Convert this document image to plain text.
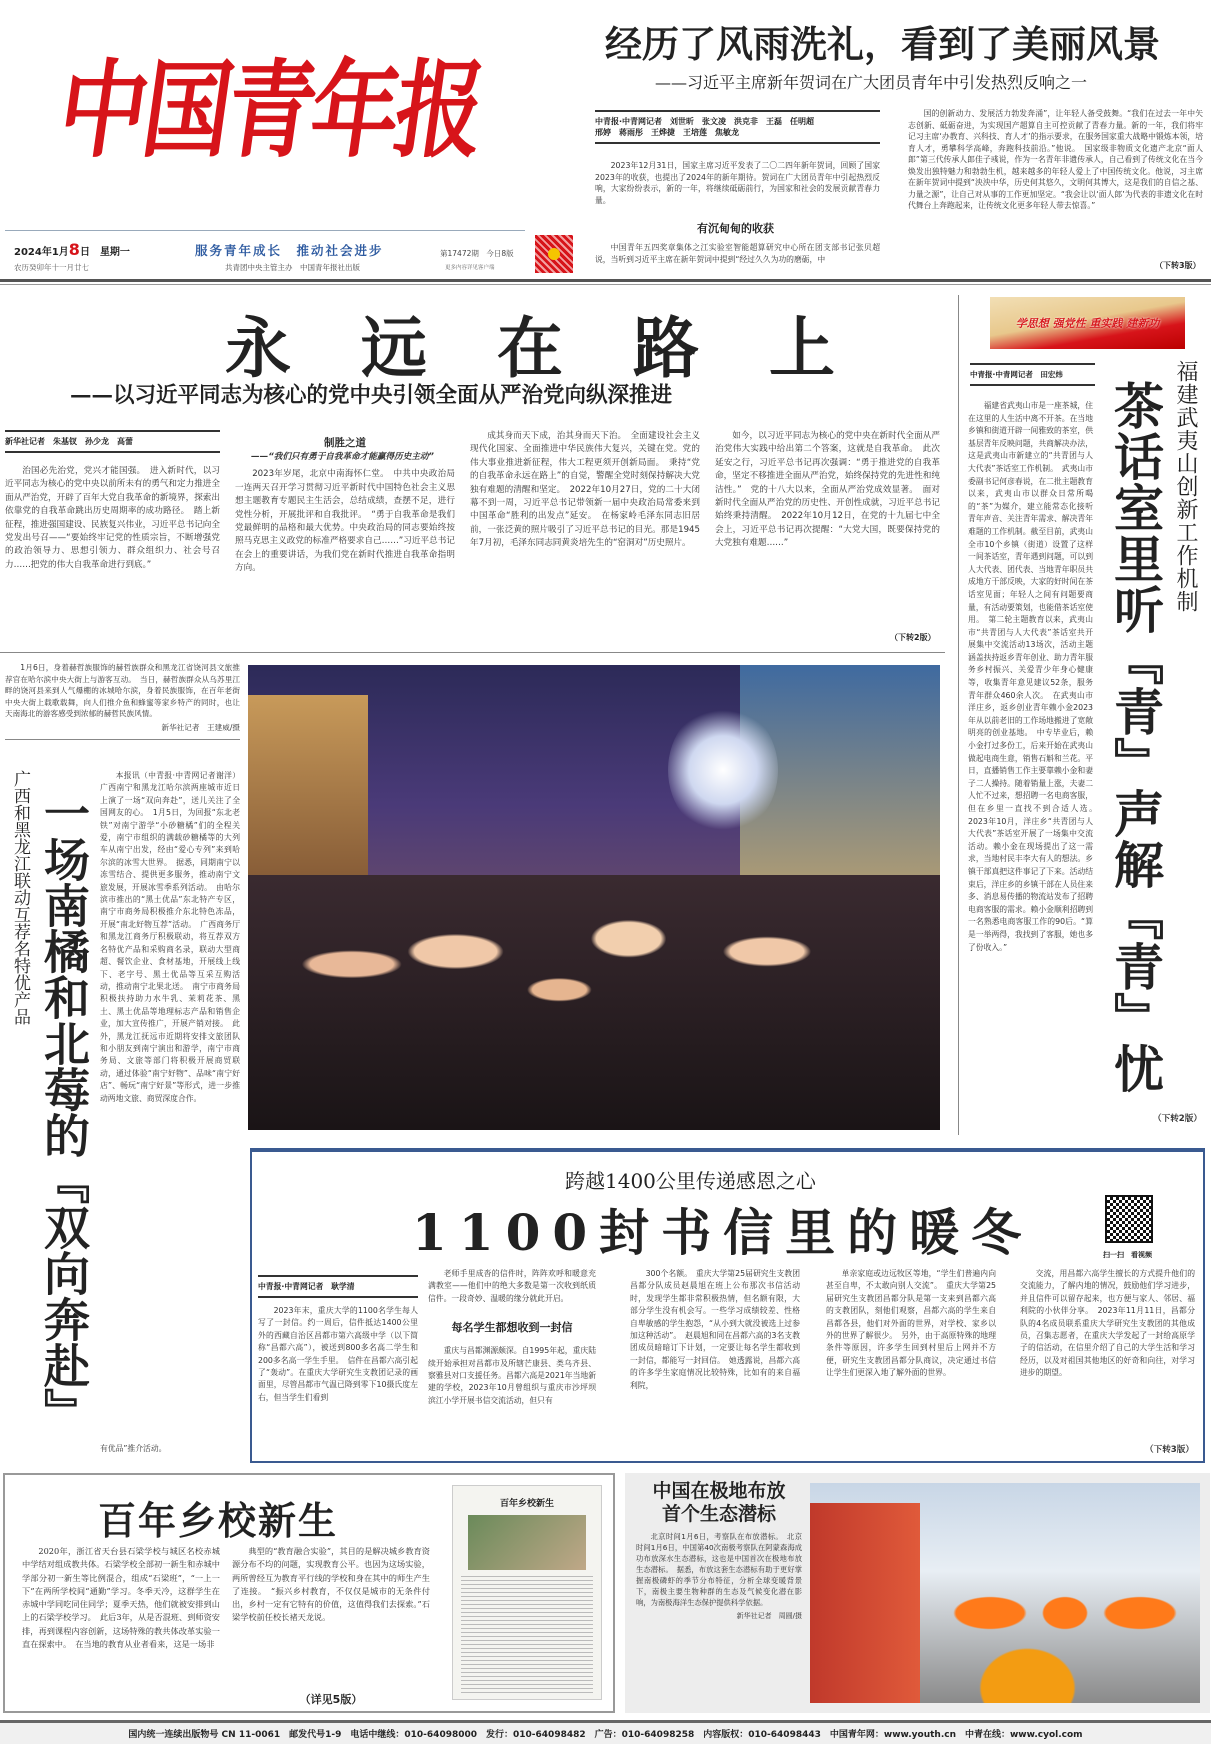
中国青年报
2024年1月8日　 星期一
农历癸卯年十一月廿七
服务青年成长　推动社会进步
共青团中央主管主办　中国青年报社出版
第17472期　今日8版
更多内容详见客户端
经历了风雨洗礼，看到了美丽风景
——习近平主席新年贺词在广大团员青年中引发热烈反响之一
中青报·中青网记者　刘世昕　张文凌　洪克非　王磊　任明超
邢婷　蒋雨彤　王烨捷　王培莲　焦敏龙

2023年12月31日，国家主席习近平发表了二〇二四年新年贺词，回顾了国家2023年的收获，也提出了2024年的新年期待。贺词在广大团员青年中引起热烈反响，大家纷纷表示，新的一年，将继续砥砺前行，为国家和社会的发展贡献青春力量。

有沉甸甸的收获

中国青年五四奖章集体之江实验室智能超算研究中心所在团支部书记张贝超说，当听到习近平主席在新年贺词中提到“经过久久为功的磨砺，中

国的创新动力、发展活力勃发奔涌”，让年轻人备受鼓舞。“我们在过去一年中矢志创新、砥砺奋进，为实现国产超算自主可控贡献了青春力量。新的一年，我们将牢记习主席‘办教育、兴科技、育人才’的指示要求，在服务国家重大战略中锻炼本领，培育人才，勇攀科学高峰，奔跑科技前沿。”他说。　国家级非物质文化遗产北京“面人郎”第三代传承人郎佳子彧说，作为一名青年非遗传承人，自己看到了传统文化在当今焕发出独特魅力和勃勃生机，越来越多的年轻人爱上了中国传统文化。他说，习主席在新年贺词中提到“泱泱中华，历史何其悠久，文明何其博大，这是我们的自信之基、力量之源”，让自己对从事的工作更加坚定。“我会让以‘面人郎’为代表的非遗文化在时代舞台上奔跑起来，让传统文化更多年轻人带去惊喜。”

（下转3版）
永　远　在　路　上
——以习近平同志为核心的党中央引领全面从严治党向纵深推进
新华社记者　朱基钗　孙少龙　高蕾

治国必先治党，党兴才能国强。　进入新时代，以习近平同志为核心的党中央以前所未有的勇气和定力推进全面从严治党，开辟了百年大党自我革命的新境界，探索出依靠党的自我革命跳出历史周期率的成功路径。　踏上新征程，推进强国建设、民族复兴伟业，习近平总书记向全党发出号召——“要始终牢记党的性质宗旨，不断增强党的政治领导力、思想引领力、群众组织力、社会号召力……把党的伟大自我革命进行到底。”

制胜之道
——“我们只有勇于自我革命才能赢得历史主动”

2023年岁尾，北京中南海怀仁堂。　中共中央政治局一连两天召开学习贯彻习近平新时代中国特色社会主义思想主题教育专题民主生活会，总结成绩，查摆不足，进行党性分析，开展批评和自我批评。　“勇于自我革命是我们党最鲜明的品格和最大优势。中央政治局的同志要始终按照马克思主义政党的标准严格要求自己……”习近平总书记在会上的重要讲话，为我们党在新时代推进自我革命指明方向。

成其身而天下成，治其身而天下治。　全面建设社会主义现代化国家、全面推进中华民族伟大复兴，关键在党。党的伟大事业推进新征程，伟大工程更须开创新局面。　秉持“党的自我革命永远在路上”的自觉，警醒全党时刻保持解决大党独有难题的清醒和坚定。　2022年10月27日，党的二十大闭幕不到一周，习近平总书记带领新一届中央政治局常委来到中国革命“胜利的出发点”延安。　在杨家岭毛泽东同志旧居前，一张泛黄的照片吸引了习近平总书记的目光。那是1945年7月初，毛泽东同志同黄炎培先生的“窑洞对”历史照片。

如今，以习近平同志为核心的党中央在新时代全面从严治党伟大实践中给出第二个答案，这就是自我革命。　此次延安之行，习近平总书记再次强调：“勇于推进党的自我革命，坚定不移推进全面从严治党，始终保持党的先进性和纯洁性。”　党的十八大以来，全面从严治党成效显著。　面对新时代全面从严治党的历史性、开创性成就，习近平总书记始终秉持清醒。　2022年10月12日，在党的十九届七中全会上，习近平总书记再次提醒：“大党大国，既要保持党的大党独有难题……”

（下转2版）
学思想 强党性 重实践 建新功
中青报·中青网记者　田宏炜	福建武夷山创新工作机制
茶话室里听『青』声解『青』忧

福建省武夷山市是一座茶城，住在这里的人生活中离不开茶。在当地乡镇和街道开辟一间雅致的茶室，供基层青年反映问题，共商解决办法，这是武夷山市新建立的“共青团与人大代表”茶话室工作机制。　武夷山市委副书记何彦春说，在二批主题教育以来，武夷山市以群众日常所喝的“茶”为媒介，建立能常态化接听青年声音、关注青年需求、解决青年难题的工作机制。截至目前，武夷山全市10个乡镇（街道）设置了这样一间茶话室，青年遇到问题，可以到人大代表、团代表、当地青年职员共成地方干部反映，大家的好时间在茶话室见面；年轻人之间有问题要商量，有活动要策划，也能借茶话室使用。　第二轮主题教育以来，武夷山市“共青团与人大代表”茶话室共开展集中交流活动13场次，活动主题涵盖扶持返乡青年创业、助力青年服务乡村振兴、关爱青少年身心健康等，收集青年意见建议52条，服务青年群众460余人次。　在武夷山市洋庄乡，返乡创业青年赖小金2023年从以前老旧的工作场地搬进了宽敞明亮的创业基地。　中专毕业后，赖小金打过多份工，后来开始在武夷山做起电商生意，销售石斛和兰花。平日，直播销售工作主要靠赖小金和妻子二人操持。随着销量上涨，夫妻二人忙不过来，想招聘一名电商客服，但在乡里一直找不到合适人选。　2023年10月，洋庄乡“共青团与人大代表”茶话室开展了一场集中交流活动。赖小金在现场提出了这一需求，当地村民丰李大有人的想法。乡镇干部真把这件事记了下来。活动结束后，洋庄乡的乡镇干部在人员住来多、消息易传播的物流站发布了招聘电商客服的需求。赖小金顺利招聘到一名熟悉电商客服工作的90后。“算是一举两得，我找到了客服，她也多了份收入。”

（下转2版）

1月6日，身着赫哲族服饰的赫哲族群众和黑龙江省饶河县文旅推荐官在哈尔滨中央大街上与游客互动。　当日，赫哲族群众从乌苏里江畔的饶河县来到人气爆棚的冰城哈尔滨，身着民族服饰，在百年老街中央大街上载歌载舞，向人们推介鱼和蜂蜜等家乡特产的同时，也让天南海北的游客感受到浓郁的赫哲民族风情。

新华社记者　王建威/摄
广西和黑龙江联动互荐名特优产品 一场南橘和北莓的『双向奔赴』

本报讯（中青报·中青网记者谢洋）广西南宁和黑龙江哈尔滨两座城市近日上演了一场“双向奔赴”，送儿关注了全国网友的心。　1月5日，为回报“东北老铁”对南宁游学“小砂糖橘”们的全程关爱，南宁市组织的满载砂糖橘等的大列车从南宁出发，经由“爱心专列”来到哈尔滨的冰雪大世界。　据悉，同期南宁以冻雪结合、提供更多服务，推动南宁文旅发展，开展冰雪季系列活动。　由哈尔滨市推出的“黑土优品”东北特产专区，南宁市商务局积极推介东北特色冻品，开展“南北好物互荐”活动。　广西商务厅和黑龙江商务厅积极联动，将互荐双方名特优产品和采购商名录，联动大型商超、餐饮企业、食材基地，开展线上线下、老字号、黑土优品等互采互购活动，推动南宁北果北送。　南宁市商务局积极扶持助力水牛乳、茉莉花茶、黑土、黑土优品等地理标志产品和销售企业，加大宣传推广，开展产销对接。　此外，黑龙江抚远市近期将安排文旅团队和小朋友到南宁演出和游学，南宁市商务局、文旅等部门将积极开展商贸联动，通过体验“南宁好物”、品味“南宁好店”、畅玩“南宁好景”等形式，进一步推动两地文旅、商贸深度合作。

有优品”推介活动。
跨越1400公里传递感恩之心
1100封书信里的暖冬	扫一扫　看视频
中青报·中青网记者　耿学清

2023年末，重庆大学的1100名学生每人写了一封信。约一周后，信件抵达1400公里外的西藏自治区昌都市第六高级中学（以下简称“昌都六高”），被送到800多名高二学生和200多名高一学生手里。　信件在昌都六高引起了“轰动”。在重庆大学研究生支教团记录的画面里，尽管昌都市气温已降到零下10摄氏度左右，但当学生们看到

老师手里成沓的信件时，阵阵欢呼和暖意充满教室——他们中的绝大多数是第一次收到纸质信件。一段奇妙、温暖的缘分就此开启。

每名学生都想收到一封信

重庆与昌都渊源颇深。自1995年起，重庆陆续开始承担对昌都市及所辖芒康县、类乌齐县、察雅县对口支援任务。昌都六高是2021年当地新建的学校，2023年10月曾组织与重庆市沙坪坝滨江小学开展书信交流活动，但只有

300个名额。　重庆大学第25届研究生支教团昌都分队成员赵晨旭在班上公布那次书信活动时，发现学生都非常积极热情，但名额有限，大部分学生没有机会写。一些学习成绩较差、性格自卑敏感的学生抱怨，“从小到大就没被选上过参加这种活动”。　赵晨旭和同在昌都六高的3名支教团成员暗暗订下计划，一定要让每名学生都收到一封信，都能写一封回信。　她透露说，昌都六高的许多学生家庭情况比较特殊，比如有的来自福利院，

单亲家庭或边远牧区等地，“学生们普遍内向甚至自卑，不太敢向别人交流”。　重庆大学第25届研究生支教团昌都分队是第一支来到昌都六高的支教团队，刻他们观察，昌都六高的学生来自昌都各县，他们对外面的世界，对学校、家乡以外的世界了解很少。　另外，由于高原特殊的地理条件等原因，许多学生回到村里后上网并不方便，研究生支教团昌都分队商议，决定通过书信让学生们更深入地了解外面的世界。

交流，用昌都六高学生擅长的方式提升他们的交流能力，了解内地的情况，鼓励他们学习进步，并且信件可以留存起来，也方便与家人、邻居、福利院的小伙伴分享。　2023年11月11日，昌都分队的4名成员联系重庆大学研究生支教团的其他成员，召集志愿者，在重庆大学发起了一封给高原学子的信活动，在信里介绍了自己的大学生活和学习经历，以及对祖国其他地区的好奇和向往，对学习进步的期望。

（下转3版）
百年乡校新生

2020年，浙江省天台县石梁学校与城区名校赤城中学结对组成教共体。石梁学校全部初一新生和赤城中学部分初一新生等比例混合，组成“石梁班”，“一上一下”在两所学校间“通勤”学习。冬季天冷，这群学生在赤城中学同吃同住同学；夏季天热，他们就被安排到山上的石梁学校学习。　此后3年，从是否混班、到师资安排，再到课程内容创新，这场特殊的教共体改革实验一直在探索中。　在当地的教育从业者看来，这是一场非

典型的“教育融合实验”，其目的是解决城乡教育资源分布不均的问题，实现教育公平。也因为这场实验，两所曾经互为教育平行线的学校和身在其中的师生产生了连接。　“振兴乡村教育，不仅仅是城市的无条件付出，乡村一定有它特有的价值，这值得我们去探索。”石梁学校前任校长褚天龙说。

（详见5版）
百年乡校新生
中国在极地布放首个生态潜标

北京时间1月6日，考察队在布放潜标。　北京时间1月6日，中国第40次南极考察队在阿蒙森海成功布放深水生态潜标，这也是中国首次在极地布放生态潜标。　据悉，布放这套生态潜标有助于更好掌握南极磷虾的季节分布特征，分析全球变暖背景下，南极主要生物种群的生态及气候变化潜在影响，为南极海洋生态保护提供科学依据。

新华社记者　周圆/摄
国内统一连续出版物号 CN 11-0061　邮发代号1-9　电话中继线：010-64098000　发行：010-64098482　广告：010-64098258　内容版权：010-64098443　中国青年网：www.youth.cn　中青在线：www.cyol.com
